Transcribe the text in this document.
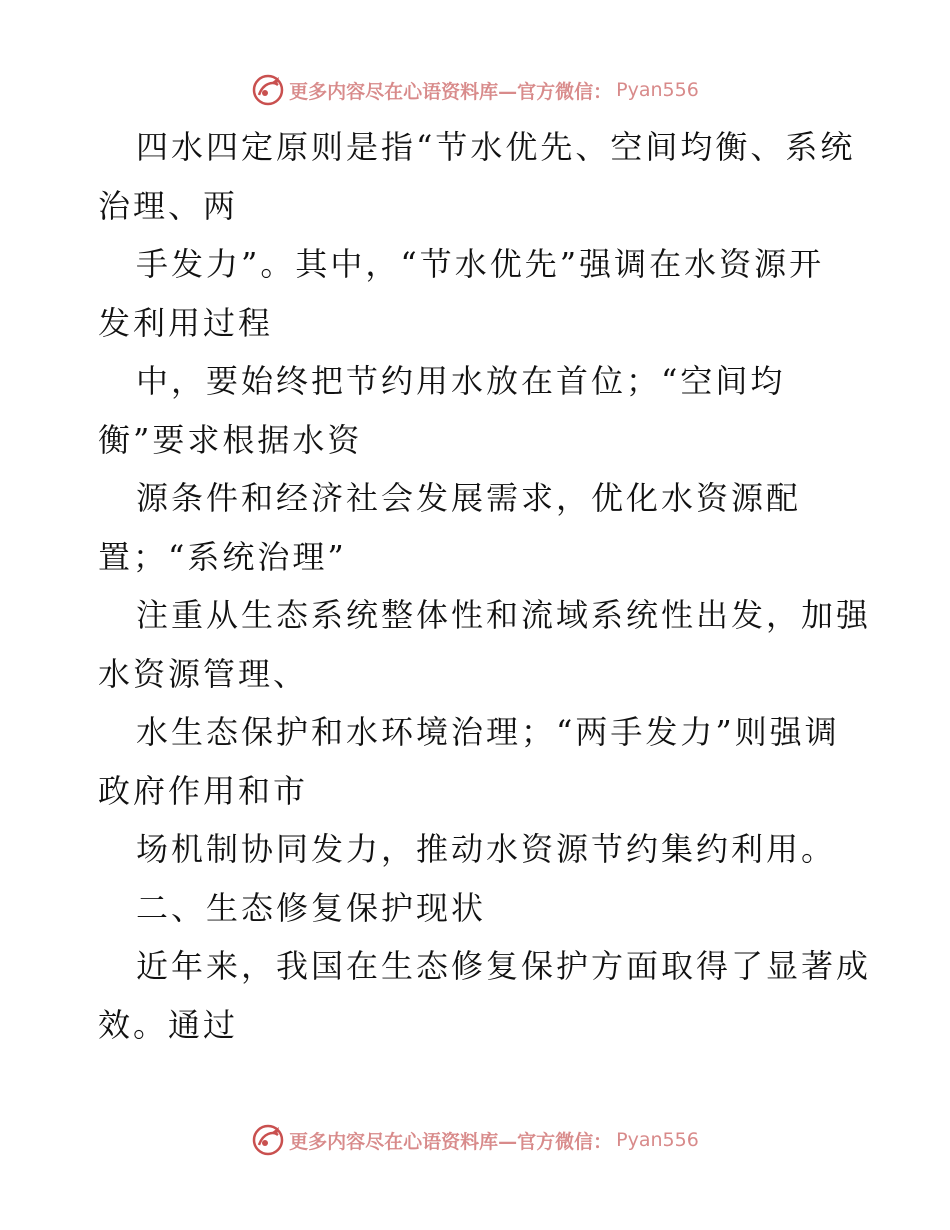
更多内容尽在心语资料库—官方微信： Pyan556
四水四定原则是指“节水优先、空间均衡、系统
治理、两
手发力”。其中，“节水优先”强调在水资源开
发利用过程
中，要始终把节约用水放在首位；“空间均
衡”要求根据水资
源条件和经济社会发展需求，优化水资源配
置；“系统治理”
注重从生态系统整体性和流域系统性出发，加强
水资源管理、
水生态保护和水环境治理；“两手发力”则强调
政府作用和市
场机制协同发力，推动水资源节约集约利用。
二、生态修复保护现状
近年来，我国在生态修复保护方面取得了显著成
效。通过
更多内容尽在心语资料库—官方微信： Pyan556
